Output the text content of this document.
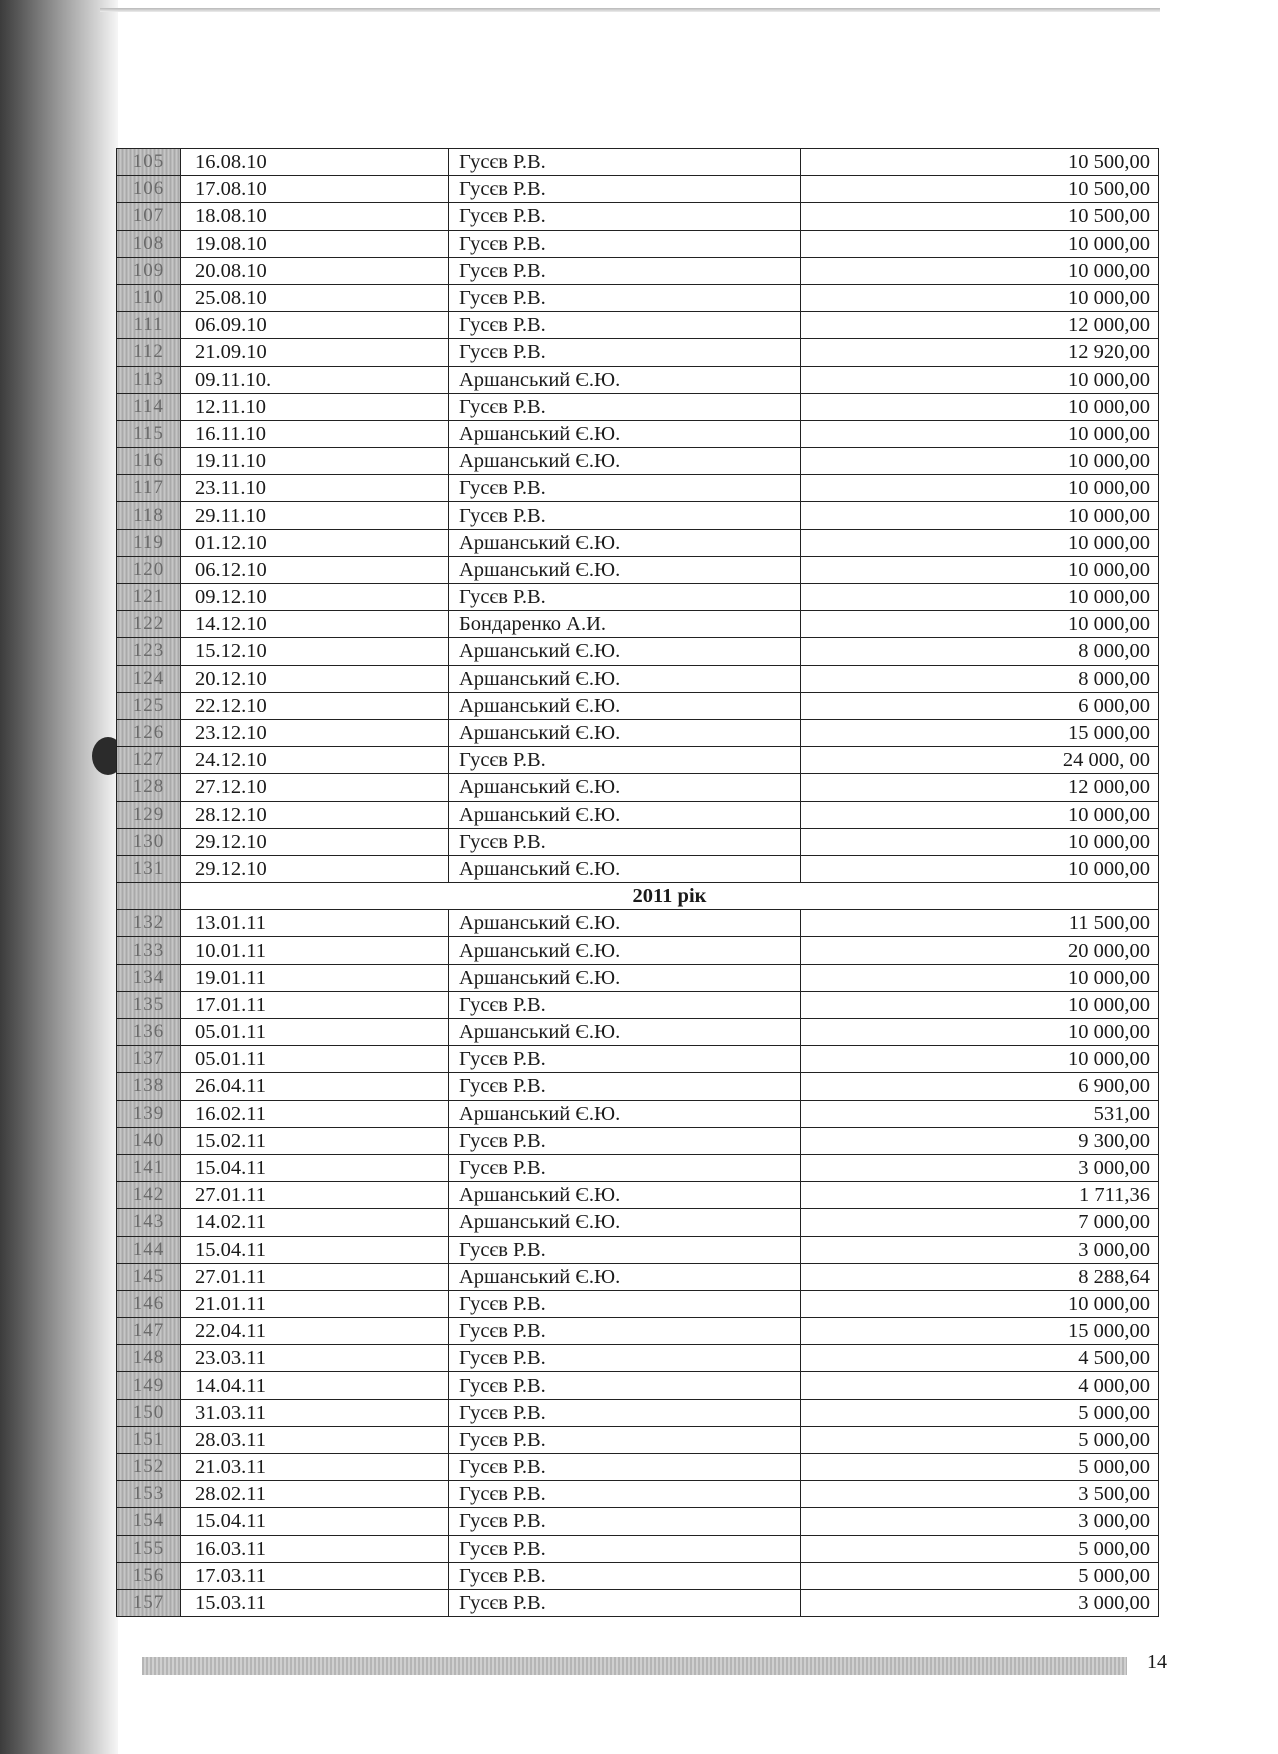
105	16.08.10	Гусєв Р.В.	10 500,00
106	17.08.10	Гусєв Р.В.	10 500,00
107	18.08.10	Гусєв Р.В.	10 500,00
108	19.08.10	Гусєв Р.В.	10 000,00
109	20.08.10	Гусєв Р.В.	10 000,00
110	25.08.10	Гусєв Р.В.	10 000,00
111	06.09.10	Гусєв Р.В.	12 000,00
112	21.09.10	Гусєв Р.В.	12 920,00
113	09.11.10.	Аршанський Є.Ю.	10 000,00
114	12.11.10	Гусєв Р.В.	10 000,00
115	16.11.10	Аршанський Є.Ю.	10 000,00
116	19.11.10	Аршанський Є.Ю.	10 000,00
117	23.11.10	Гусєв Р.В.	10 000,00
118	29.11.10	Гусєв Р.В.	10 000,00
119	01.12.10	Аршанський Є.Ю.	10 000,00
120	06.12.10	Аршанський Є.Ю.	10 000,00
121	09.12.10	Гусєв Р.В.	10 000,00
122	14.12.10	Бондаренко А.И.	10 000,00
123	15.12.10	Аршанський Є.Ю.	8 000,00
124	20.12.10	Аршанський Є.Ю.	8 000,00
125	22.12.10	Аршанський Є.Ю.	6 000,00
126	23.12.10	Аршанський Є.Ю.	15 000,00
127	24.12.10	Гусєв Р.В.	24 000, 00
128	27.12.10	Аршанський Є.Ю.	12 000,00
129	28.12.10	Аршанський Є.Ю.	10 000,00
130	29.12.10	Гусєв Р.В.	10 000,00
131	29.12.10	Аршанський Є.Ю.	10 000,00
	2011 рік		
132	13.01.11	Аршанський Є.Ю.	11 500,00
133	10.01.11	Аршанський Є.Ю.	20 000,00
134	19.01.11	Аршанський Є.Ю.	10 000,00
135	17.01.11	Гусєв Р.В.	10 000,00
136	05.01.11	Аршанський Є.Ю.	10 000,00
137	05.01.11	Гусєв Р.В.	10 000,00
138	26.04.11	Гусєв Р.В.	6 900,00
139	16.02.11	Аршанський Є.Ю.	531,00
140	15.02.11	Гусєв Р.В.	9 300,00
141	15.04.11	Гусєв Р.В.	3 000,00
142	27.01.11	Аршанський Є.Ю.	1 711,36
143	14.02.11	Аршанський Є.Ю.	7 000,00
144	15.04.11	Гусєв Р.В.	3 000,00
145	27.01.11	Аршанський Є.Ю.	8 288,64
146	21.01.11	Гусєв Р.В.	10 000,00
147	22.04.11	Гусєв Р.В.	15 000,00
148	23.03.11	Гусєв Р.В.	4 500,00
149	14.04.11	Гусєв Р.В.	4 000,00
150	31.03.11	Гусєв Р.В.	5 000,00
151	28.03.11	Гусєв Р.В.	5 000,00
152	21.03.11	Гусєв Р.В.	5 000,00
153	28.02.11	Гусєв Р.В.	3 500,00
154	15.04.11	Гусєв Р.В.	3 000,00
155	16.03.11	Гусєв Р.В.	5 000,00
156	17.03.11	Гусєв Р.В.	5 000,00
157	15.03.11	Гусєв Р.В.	3 000,00
14
